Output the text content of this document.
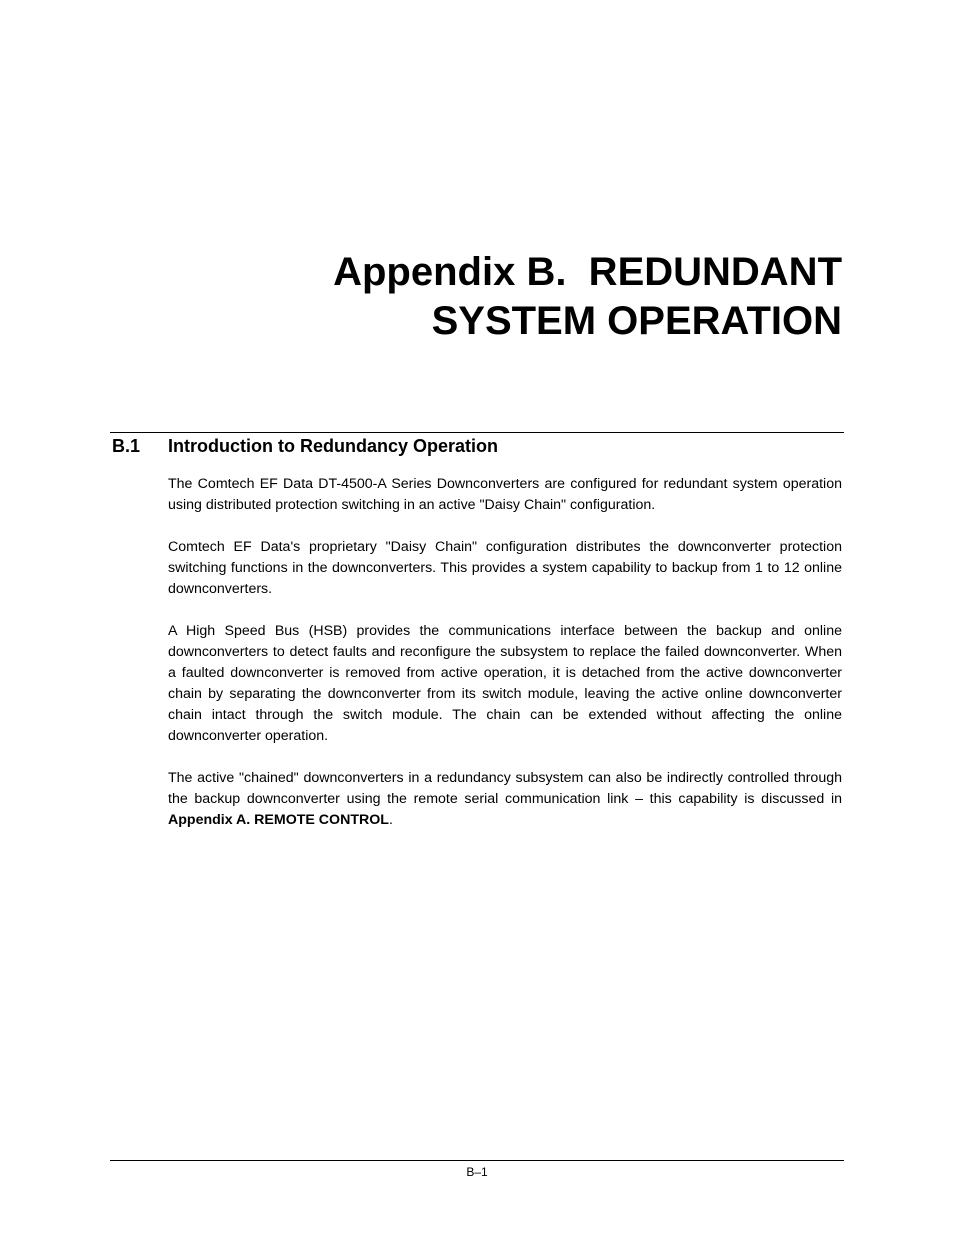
Appendix B.  REDUNDANT
SYSTEM OPERATION
B.1 Introduction to Redundancy Operation

The Comtech EF Data DT-4500-A Series Downconverters are configured for redundant system operation using distributed protection switching in an active "Daisy Chain" configuration.

Comtech EF Data's proprietary "Daisy Chain" configuration distributes the downconverter protection switching functions in the downconverters. This provides a system capability to backup from 1 to 12 online downconverters.

A High Speed Bus (HSB) provides the communications interface between the backup and online downconverters to detect faults and reconfigure the subsystem to replace the failed downconverter. When a faulted downconverter is removed from active operation, it is detached from the active downconverter chain by separating the downconverter from its switch module, leaving the active online downconverter chain intact through the switch module. The chain can be extended without affecting the online downconverter operation.

The active "chained" downconverters in a redundancy subsystem can also be indirectly controlled through the backup downconverter using the remote serial communication link – this capability is discussed in Appendix A. REMOTE CONTROL.

B–1
